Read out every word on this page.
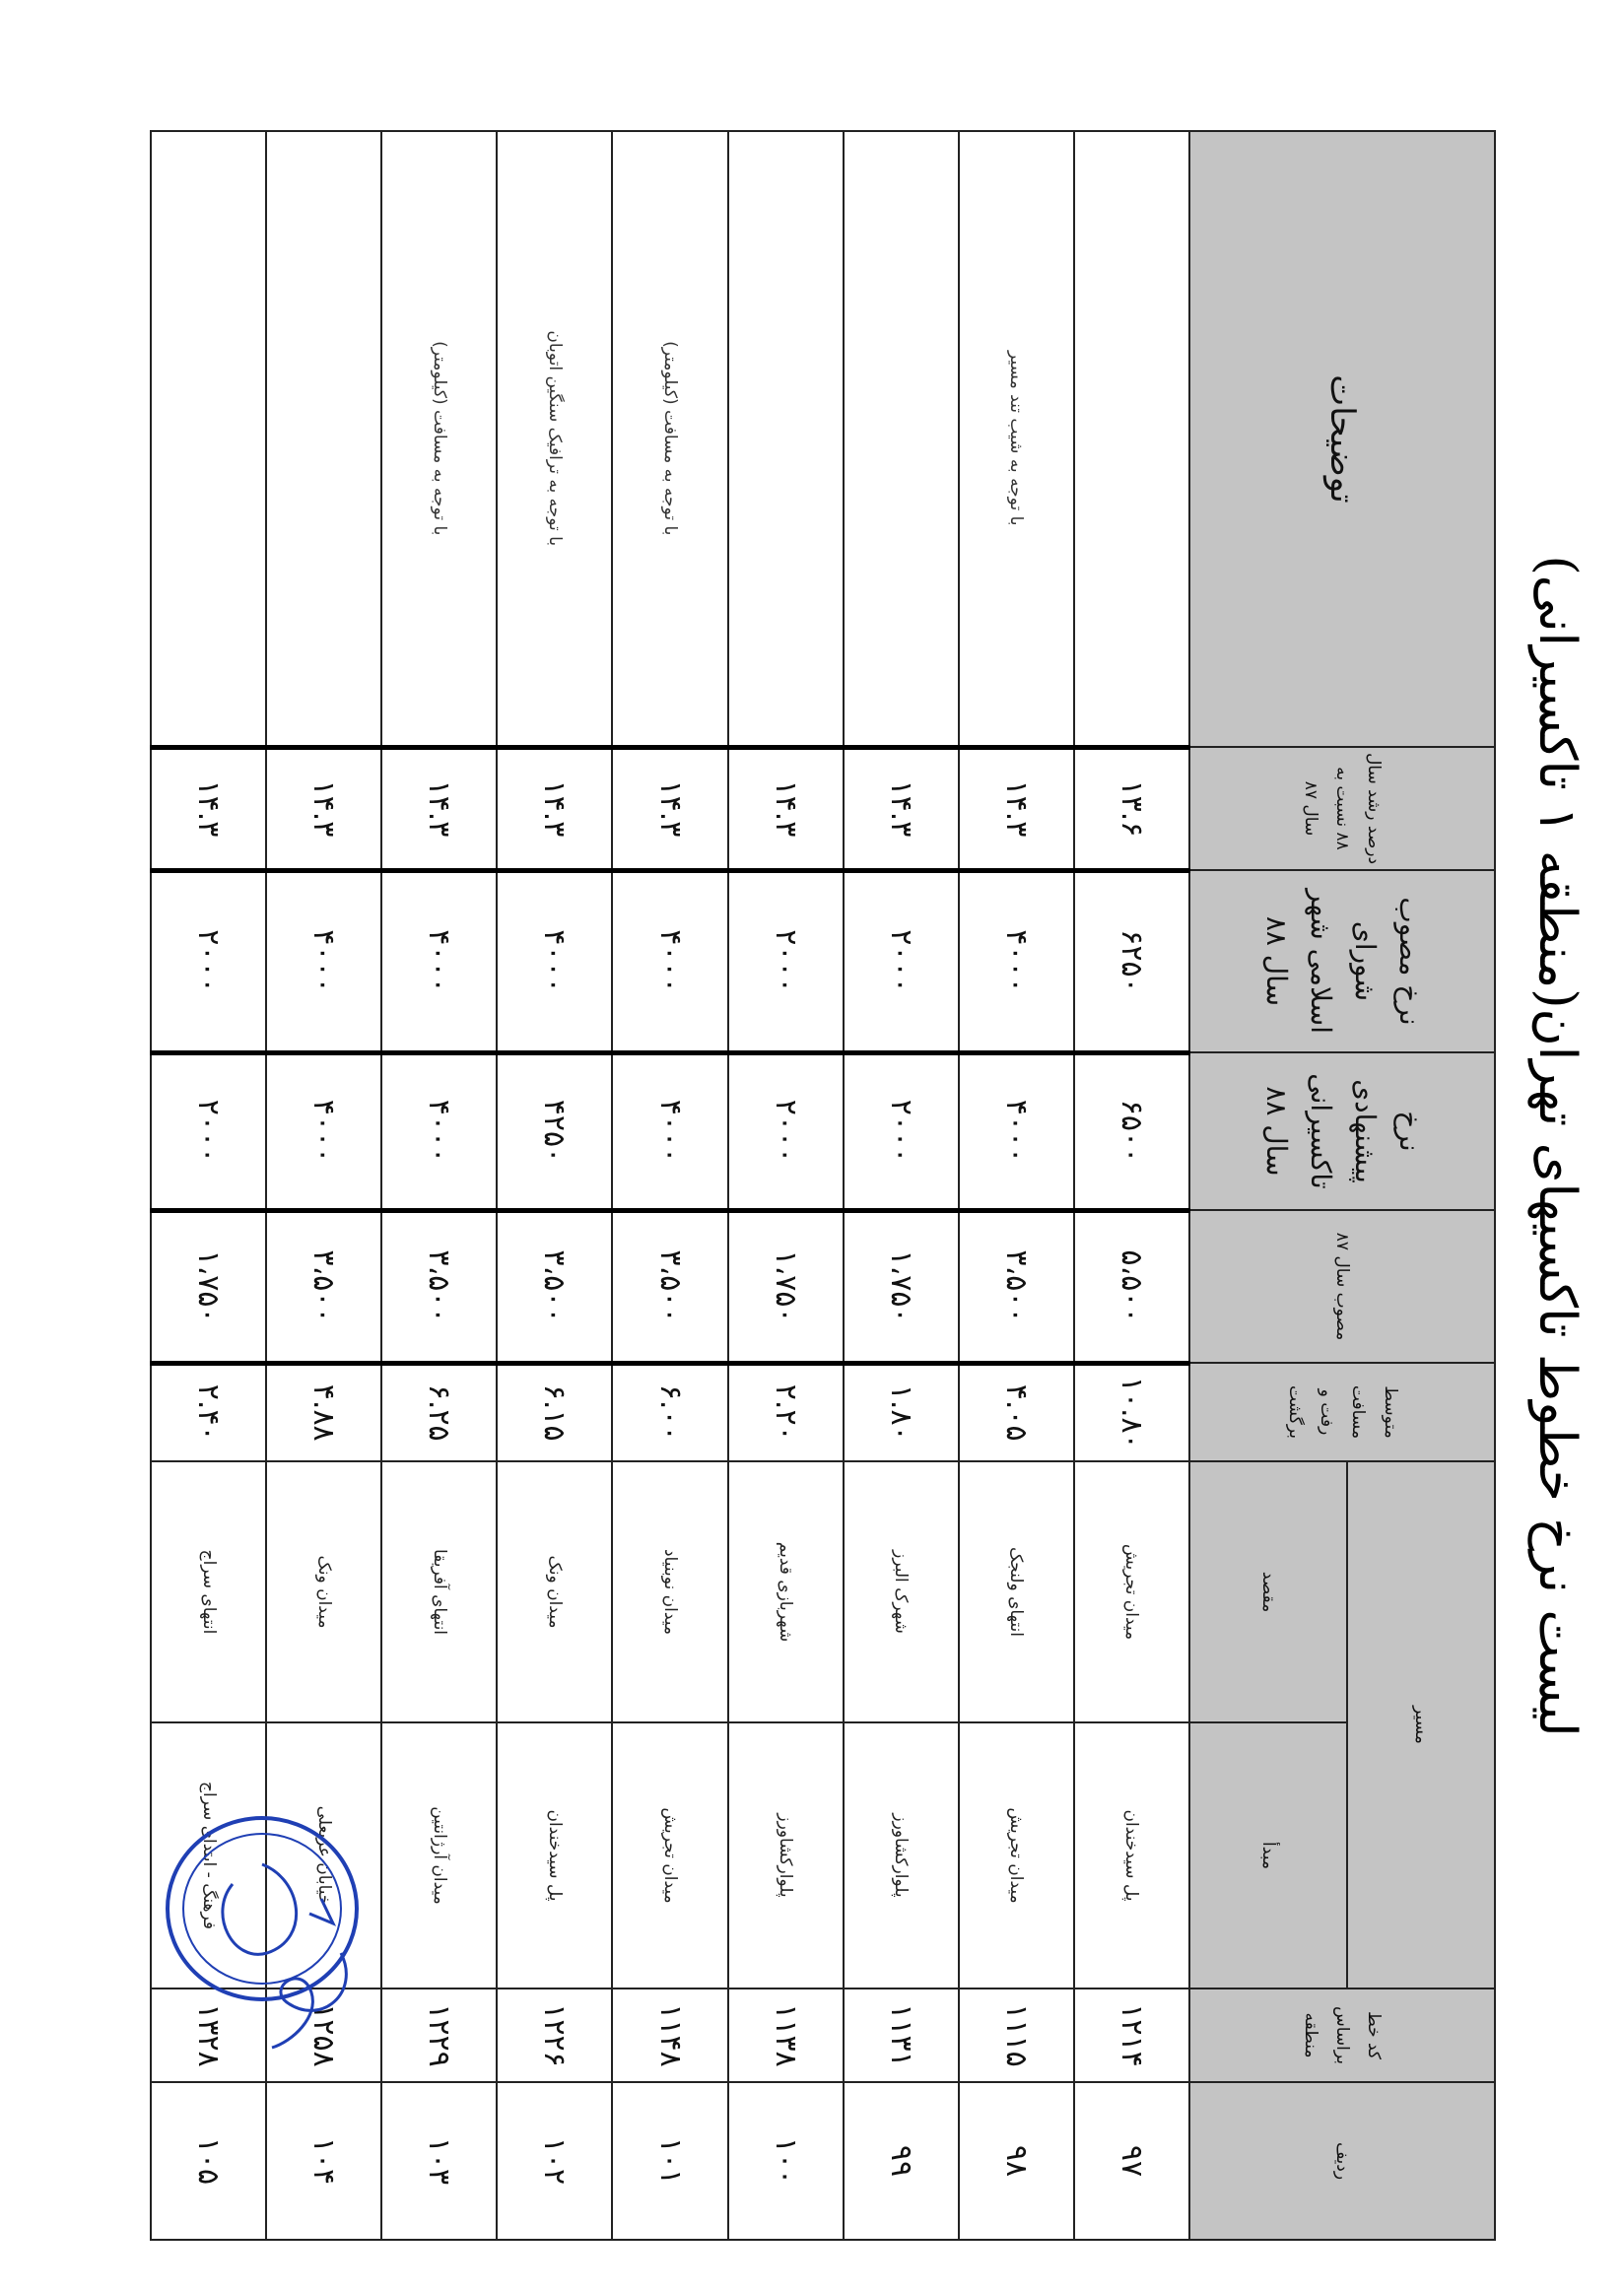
لیست نرخ خطوط تاکسیهای تهران(منطقه ۱ تاکسیرانی)
ردیف	کد خط براساس منطقه	مسیر		متوسط مسافت رفت و برگشت	مصوب سال ۸۷	نرخ پیشنهادی تاکسیرانی سال ۸۸	نرخ مصوب شورای اسلامی شهر سال ۸۸	درصد رشد سال ۸۸ نسبت به سال ۸۷	توضیحات
		مبدأ	مقصد						
۹۷	۱۲۱۴	پل سیدخندان	میدان تجریش	۱۰.۸۰	۵،۵۰۰	۶۵۰۰	۶۲۵۰	۱۳.۶	
۹۸	۱۱۱۵	میدان تجریش	انتهای ولنجک	۴.۰۵	۳،۵۰۰	۴۰۰۰	۴۰۰۰	۱۴.۳	با توجه به شیب تند مسیر
۹۹	۱۱۳۱	پلوارکشاورز	شهرک البرز	۱.۸۰	۱،۷۵۰	۲۰۰۰	۲۰۰۰	۱۴.۳	
۱۰۰	۱۱۳۸	پلوارکشاورز	شهربازی قدیم	۲.۲۰	۱،۷۵۰	۲۰۰۰	۲۰۰۰	۱۴.۳	
۱۰۱	۱۱۴۸	میدان تجریش	میدان نوبنیاد	۶.۰۰	۳،۵۰۰	۴۰۰۰	۴۰۰۰	۱۴.۳	با توجه به مسافت (کیلومتر)
۱۰۲	۱۲۲۶	پل سیدخندان	میدان ونک	۶.۱۵	۳،۵۰۰	۴۲۵۰	۴۰۰۰	۱۴.۳	با توجه به ترافیک سنگین اتوبان
۱۰۳	۱۲۲۹	میدان آرژانتین	انتهای آفریقا	۶.۲۵	۳،۵۰۰	۴۰۰۰	۴۰۰۰	۱۴.۳	با توجه به مسافت (کیلومتر)
۱۰۴	۱۲۵۸	خیابان عربعلی	میدان ونک	۴.۸۸	۳،۵۰۰	۴۰۰۰	۴۰۰۰	۱۴.۳	
۱۰۵	۱۳۲۸	فرهنگ - ابتدای سراج	انتهای سراج	۲.۴۰	۱،۷۵۰	۲۰۰۰	۲۰۰۰	۱۴.۳	
